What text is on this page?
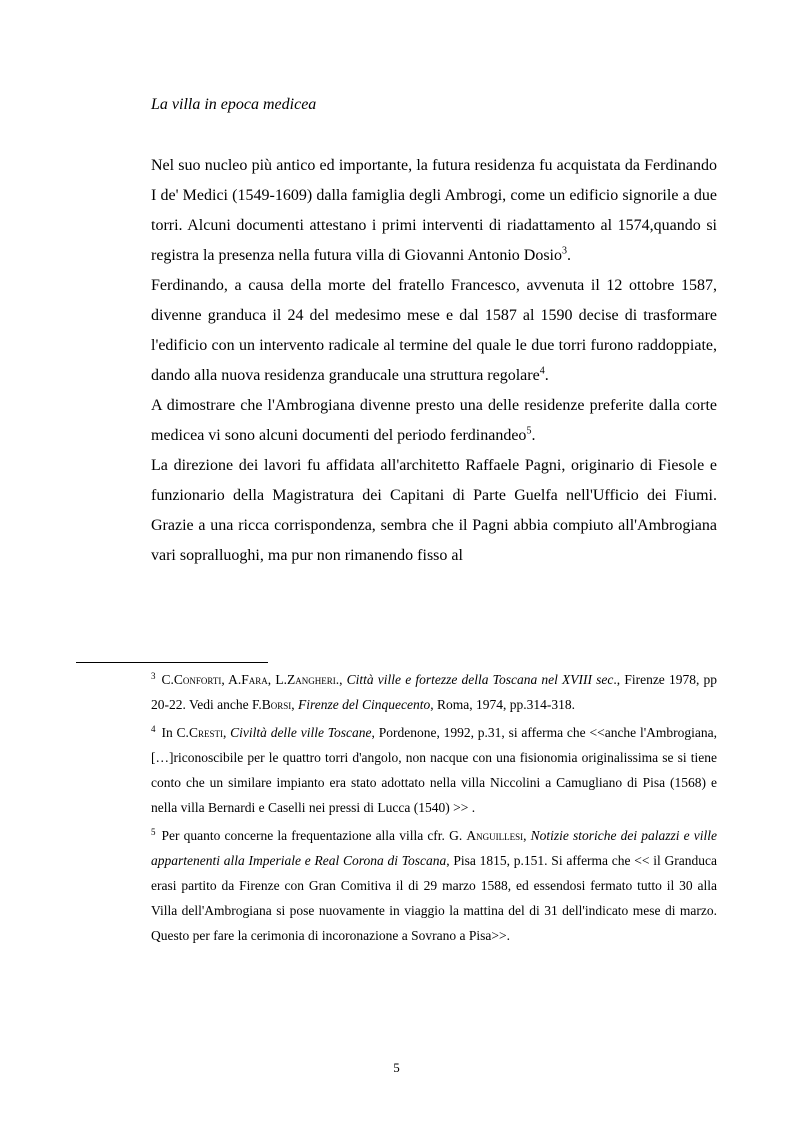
La villa in epoca medicea

Nel suo nucleo più antico ed importante, la futura residenza fu acquistata da Ferdinando I de' Medici (1549-1609) dalla famiglia degli Ambrogi, come un edificio signorile a due torri. Alcuni documenti attestano i primi interventi di riadattamento al 1574,quando si registra la presenza nella futura villa di Giovanni Antonio Dosio$^3$.

Ferdinando, a causa della morte del fratello Francesco, avvenuta il 12 ottobre 1587, divenne granduca il 24 del medesimo mese e dal 1587 al 1590 decise di trasformare l'edificio con un intervento radicale al termine del quale le due torri furono raddoppiate, dando alla nuova residenza granducale una struttura regolare$^4$.

A dimostrare che l'Ambrogiana divenne presto una delle residenze preferite dalla corte medicea vi sono alcuni documenti del periodo ferdinandeo$^5$.

La direzione dei lavori fu affidata all'architetto Raffaele Pagni, originario di Fiesole e funzionario della Magistratura dei Capitani di Parte Guelfa nell'Ufficio dei Fiumi. Grazie a una ricca corrispondenza, sembra che il Pagni abbia compiuto all'Ambrogiana vari sopralluoghi, ma pur non rimanendo fisso al

$^3$ C.Conforti, A.Fara, L.Zangheri., Città ville e fortezze della Toscana nel XVIII sec., Firenze 1978, pp 20-22. Vedi anche F.Borsi, Firenze del Cinquecento, Roma, 1974, pp.314-318.

$^4$ In C.Cresti, Civiltà delle ville Toscane, Pordenone, 1992, p.31, si afferma che <<anche l'Ambrogiana,[…]riconoscibile per le quattro torri d'angolo, non nacque con una fisionomia originalissima se si tiene conto che un similare impianto era stato adottato nella villa Niccolini a Camugliano di Pisa (1568) e nella villa Bernardi e Caselli nei pressi di Lucca (1540) >> .

$^5$ Per quanto concerne la frequentazione alla villa cfr. G. Anguillesi, Notizie storiche dei palazzi e ville appartenenti alla Imperiale e Real Corona di Toscana, Pisa 1815, p.151. Si afferma che << il Granduca erasi partito da Firenze con Gran Comitiva il di 29 marzo 1588, ed essendosi fermato tutto il 30 alla Villa dell'Ambrogiana si pose nuovamente in viaggio la mattina del di 31 dell'indicato mese di marzo. Questo per fare la cerimonia di incoronazione a Sovrano a Pisa>>.

5
